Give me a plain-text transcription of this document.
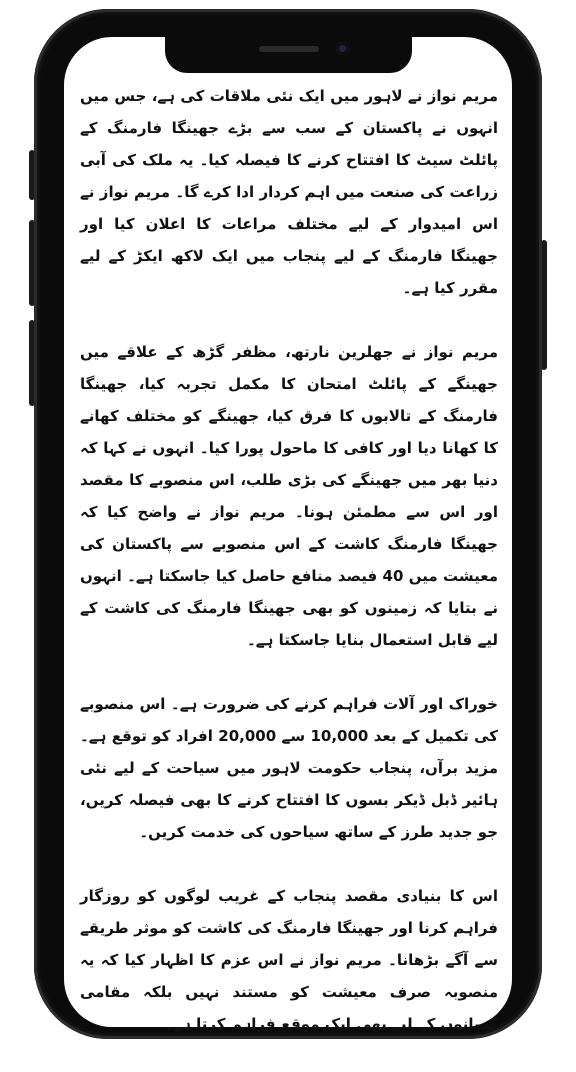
مریم نواز نے لاہور میں ایک نئی ملاقات کی ہے، جس میں انہوں نے پاکستان کے سب سے بڑے جھینگا فارمنگ کے پائلٹ سیٹ کا افتتاح کرنے کا فیصلہ کیا۔ یہ ملک کی آبی زراعت کی صنعت میں اہم کردار ادا کرے گا۔ مریم نواز نے اس امیدوار کے لیے مختلف مراعات کا اعلان کیا اور جھینگا فارمنگ کے لیے پنجاب میں ایک لاکھ ایکڑ کے لیے مقرر کیا ہے۔

مریم نواز نے جھلرین نارتھ، مظفر گڑھ کے علاقے میں جھینگے کے پائلٹ امتحان کا مکمل تجربہ کیا، جھینگا فارمنگ کے تالابوں کا فرق کیا، جھینگے کو مختلف کھانے کا کھانا دیا اور کافی کا ماحول پورا کیا۔ انہوں نے کہا کہ دنیا بھر میں جھینگے کی بڑی طلب، اس منصوبے کا مقصد اور اس سے مطمئن ہونا۔ مریم نواز نے واضح کیا کہ جھینگا فارمنگ کاشت کے اس منصوبے سے پاکستان کی معیشت میں 40 فیصد منافع حاصل کیا جاسکتا ہے۔ انہوں نے بتایا کہ زمینوں کو بھی جھینگا فارمنگ کی کاشت کے لیے قابل استعمال بنایا جاسکتا ہے۔

خوراک اور آلات فراہم کرنے کی ضرورت ہے۔ اس منصوبے کی تکمیل کے بعد 10,000 سے 20,000 افراد کو توقع ہے۔ مزید برآں، پنجاب حکومت لاہور میں سیاحت کے لیے نئی ہائیر ڈبل ڈیکر بسوں کا افتتاح کرنے کا بھی فیصلہ کریں، جو جدید طرز کے ساتھ سیاحوں کی خدمت کریں۔

اس کا بنیادی مقصد پنجاب کے غریب لوگوں کو روزگار فراہم کرنا اور جھینگا فارمنگ کی کاشت کو موثر طریقے سے آگے بڑھانا۔ مریم نواز نے اس عزم کا اظہار کیا کہ یہ منصوبہ صرف معیشت کو مستند نہیں بلکہ مقامی کسانوں کے لیے بھی ایک موقع فراہم کرتا ہے۔
